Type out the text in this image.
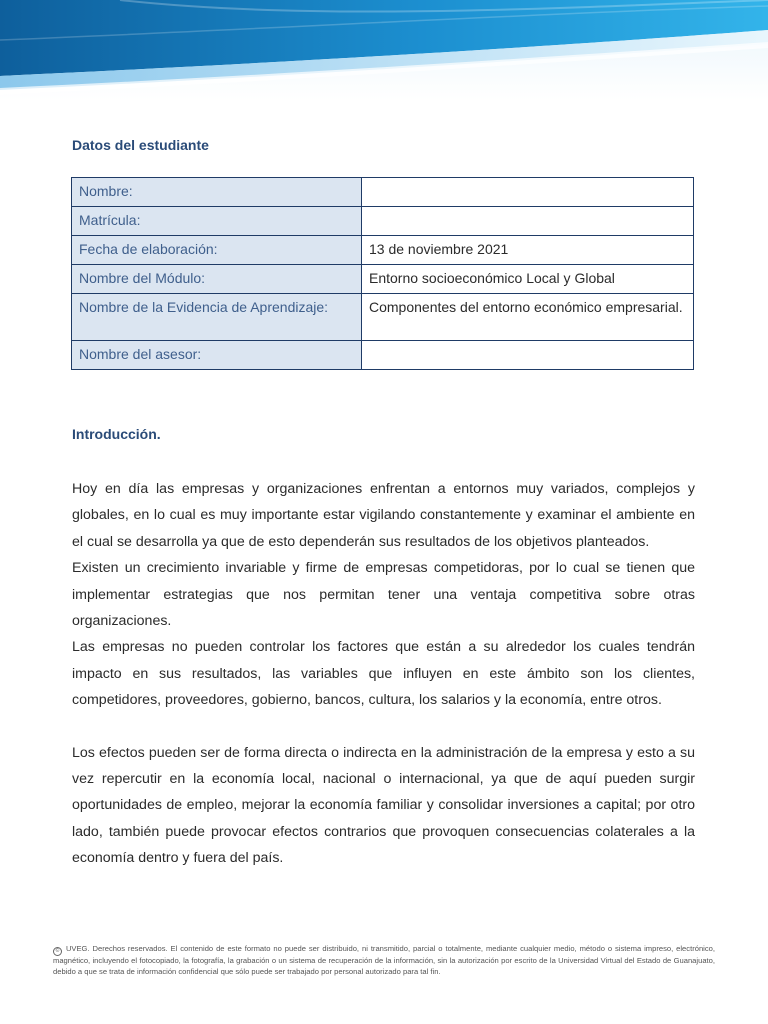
Datos del estudiante
Nombre:	
Matrícula:	
Fecha de elaboración:	13 de noviembre 2021
Nombre del Módulo:	Entorno socioeconómico Local y Global
Nombre de la Evidencia de Aprendizaje:	Componentes del entorno económico empresarial.
Nombre del asesor:	
Introducción.

Hoy en día las empresas y organizaciones enfrentan a entornos muy variados, complejos y globales, en lo cual es muy importante estar vigilando constantemente y examinar el ambiente en el cual se desarrolla ya que de esto dependerán sus resultados de los objetivos planteados.

Existen un crecimiento invariable y firme de empresas competidoras, por lo cual se tienen que implementar estrategias que nos permitan tener una ventaja competitiva sobre otras organizaciones.

Las empresas no pueden controlar los factores que están a su alrededor los cuales tendrán impacto en sus resultados, las variables que influyen en este ámbito son los clientes, competidores, proveedores, gobierno, bancos, cultura, los salarios y la economía, entre otros.

Los efectos pueden ser de forma directa o indirecta en la administración de la empresa y esto a su vez repercutir en la economía local, nacional o internacional, ya que de aquí pueden surgir oportunidades de empleo, mejorar la economía familiar y consolidar inversiones a capital; por otro lado, también puede provocar efectos contrarios que provoquen consecuencias colaterales a la economía dentro y fuera del país.

© UVEG. Derechos reservados. El contenido de este formato no puede ser distribuido, ni transmitido, parcial o totalmente, mediante cualquier medio, método o sistema impreso, electrónico, magnético, incluyendo el fotocopiado, la fotografía, la grabación o un sistema de recuperación de la información, sin la autorización por escrito de la Universidad Virtual del Estado de Guanajuato, debido a que se trata de información confidencial que sólo puede ser trabajado por personal autorizado para tal fin.
